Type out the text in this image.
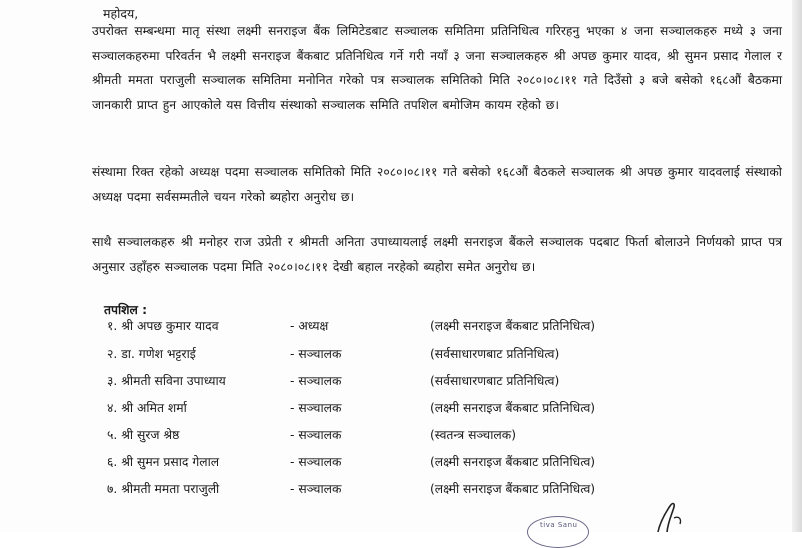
महोदय,

उपरोक्त सम्बन्धमा मातृ संस्था लक्ष्मी सनराइज बैंक लिमिटेडबाट सञ्चालक समितिमा प्रतिनिधित्व गरिरहनु भएका ४ जना सञ्चालकहरु मध्ये ३ जना सञ्चालकहरुमा परिवर्तन भै लक्ष्मी सनराइज बैंकबाट प्रतिनिधित्व गर्ने गरी नयाँ ३ जना सञ्चालकहरु श्री अपछ कुमार यादव, श्री सुमन प्रसाद गेलाल र श्रीमती ममता पराजुली सञ्चालक समितिमा मनोनित गरेको पत्र सञ्चालक समितिको मिति २०८०।०८।११ गते दिउँसो ३ बजे बसेको १६८औं बैठकमा जानकारी प्राप्त हुन आएकोले यस वित्तीय संस्थाको सञ्चालक समिति तपशिल बमोजिम कायम रहेको छ।

संस्थामा रिक्त रहेको अध्यक्ष पदमा सञ्चालक समितिको मिति २०८०।०८।११ गते बसेको १६८औं बैठकले सञ्चालक श्री अपछ कुमार यादवलाई संस्थाको अध्यक्ष पदमा सर्वसम्मतीले चयन गरेको ब्यहोरा अनुरोध छ।

साथै सञ्चालकहरु श्री मनोहर राज उप्रेती र श्रीमती अनिता उपाध्यायलाई लक्ष्मी सनराइज बैंकले सञ्चालक पदबाट फिर्ता बोलाउने निर्णयको प्राप्त पत्र अनुसार उहाँहरु सञ्चालक पदमा मिति २०८०।०८।११ देखी बहाल नरहेको ब्यहोरा समेत अनुरोध छ।

तपशिल :
१. श्री अपछ कुमार यादव	- अध्यक्ष	(लक्ष्मी सनराइज बैंकबाट प्रतिनिधित्व)
२. डा. गणेश भट्टराई	- सञ्चालक	(सर्वसाधारणबाट प्रतिनिधित्व)
३. श्रीमती सविना उपाध्याय	- सञ्चालक	(सर्वसाधारणबाट प्रतिनिधित्व)
४. श्री अमित शर्मा	- सञ्चालक	(लक्ष्मी सनराइज बैंकबाट प्रतिनिधित्व)
५. श्री सुरज श्रेष्ठ	- सञ्चालक	(स्वतन्त्र सञ्चालक)
६. श्री सुमन प्रसाद गेलाल	- सञ्चालक	(लक्ष्मी सनराइज बैंकबाट प्रतिनिधित्व)
७. श्रीमती ममता पराजुली	- सञ्चालक	(लक्ष्मी सनराइज बैंकबाट प्रतिनिधित्व)
tiva Sanu
